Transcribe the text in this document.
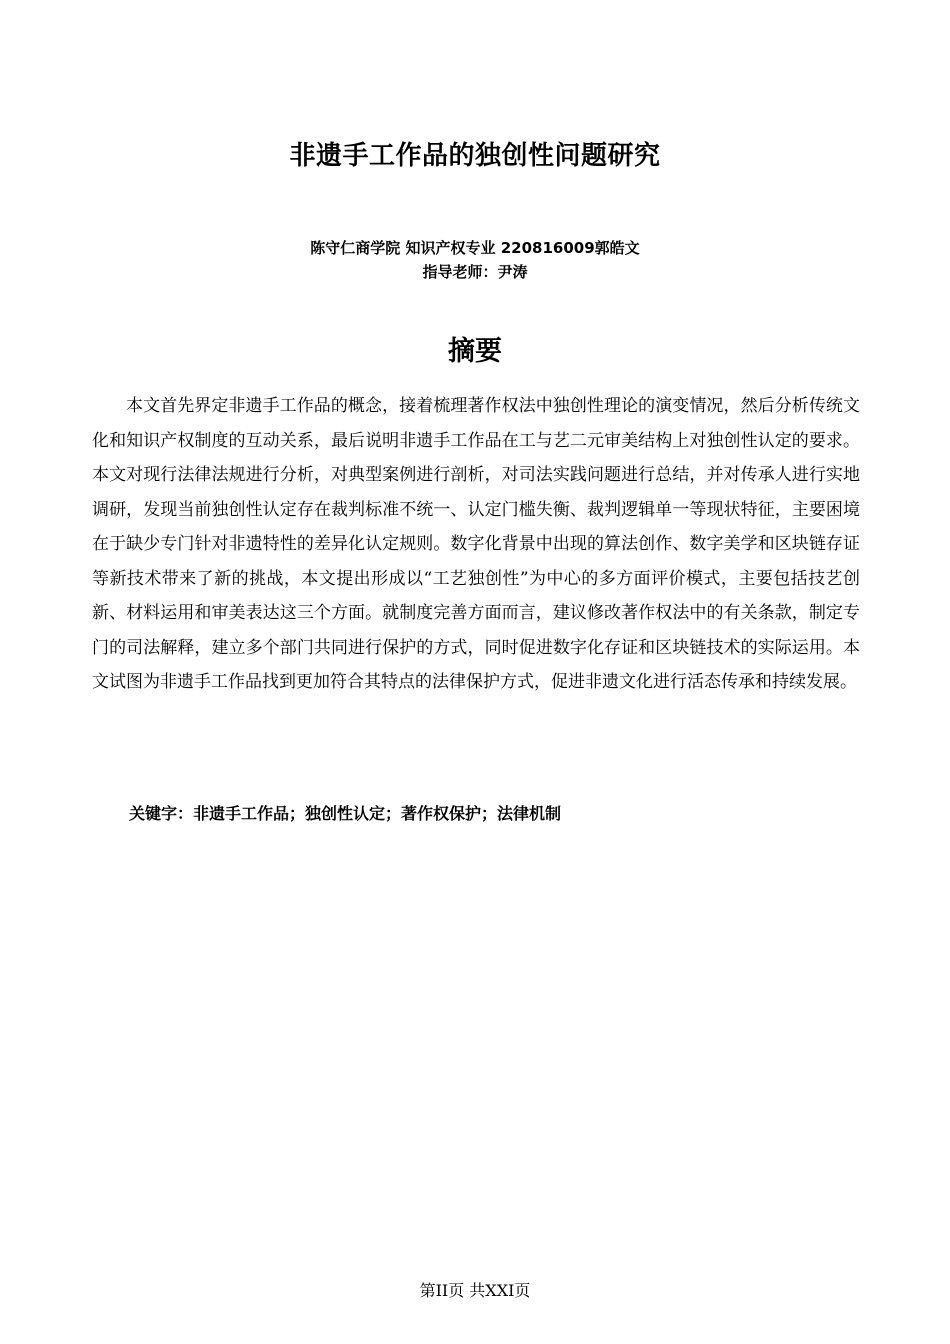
非遗手工作品的独创性问题研究
陈守仁商学院 知识产权专业 220816009郭皓文
指导老师：尹涛
摘要

本文首先界定非遗手工作品的概念，接着梳理著作权法中独创性理论的演变情况，然后分析传统文化和知识产权制度的互动关系，最后说明非遗手工作品在工与艺二元审美结构上对独创性认定的要求。本文对现行法律法规进行分析，对典型案例进行剖析，对司法实践问题进行总结，并对传承人进行实地调研，发现当前独创性认定存在裁判标准不统一、认定门槛失衡、裁判逻辑单一等现状特征，主要困境在于缺少专门针对非遗特性的差异化认定规则。数字化背景中出现的算法创作、数字美学和区块链存证等新技术带来了新的挑战，本文提出形成以“工艺独创性”为中心的多方面评价模式，主要包括技艺创新、材料运用和审美表达这三个方面。就制度完善方面而言，建议修改著作权法中的有关条款，制定专门的司法解释，建立多个部门共同进行保护的方式，同时促进数字化存证和区块链技术的实际运用。本文试图为非遗手工作品找到更加符合其特点的法律保护方式，促进非遗文化进行活态传承和持续发展。

关键字：非遗手工作品；独创性认定；著作权保护；法律机制
第II页 共XXI页
